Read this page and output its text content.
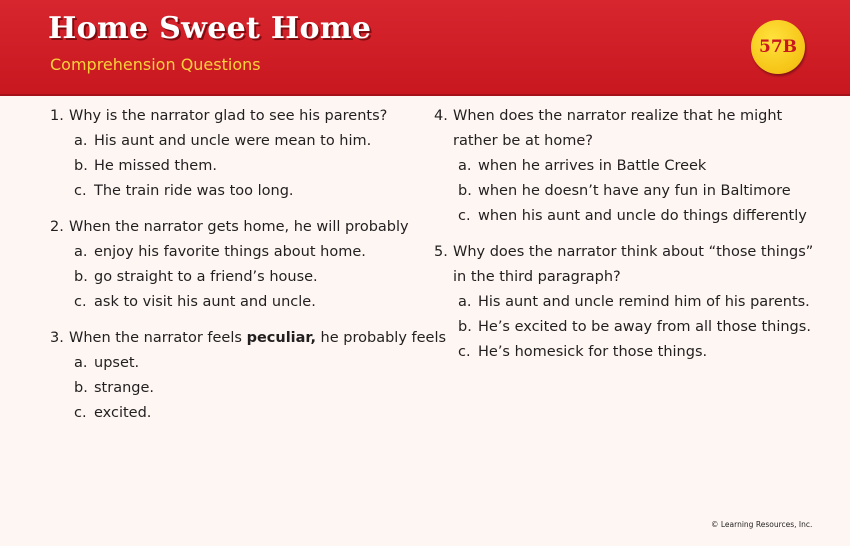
Home Sweet Home
Comprehension Questions
57B
1. Why is the narrator glad to see his parents?
a. His aunt and uncle were mean to him.
b. He missed them.
c. The train ride was too long.
2. When the narrator gets home, he will probably
a. enjoy his favorite things about home.
b. go straight to a friend’s house.
c. ask to visit his aunt and uncle.
3. When the narrator feels peculiar, he probably feels
a. upset.
b. strange.
c. excited.
4. When does the narrator realize that he might
rather be at home?
a. when he arrives in Battle Creek
b. when he doesn’t have any fun in Baltimore
c. when his aunt and uncle do things differently
5. Why does the narrator think about “those things”
in the third paragraph?
a. His aunt and uncle remind him of his parents.
b. He’s excited to be away from all those things.
c. He’s homesick for those things.
© Learning Resources, Inc.
